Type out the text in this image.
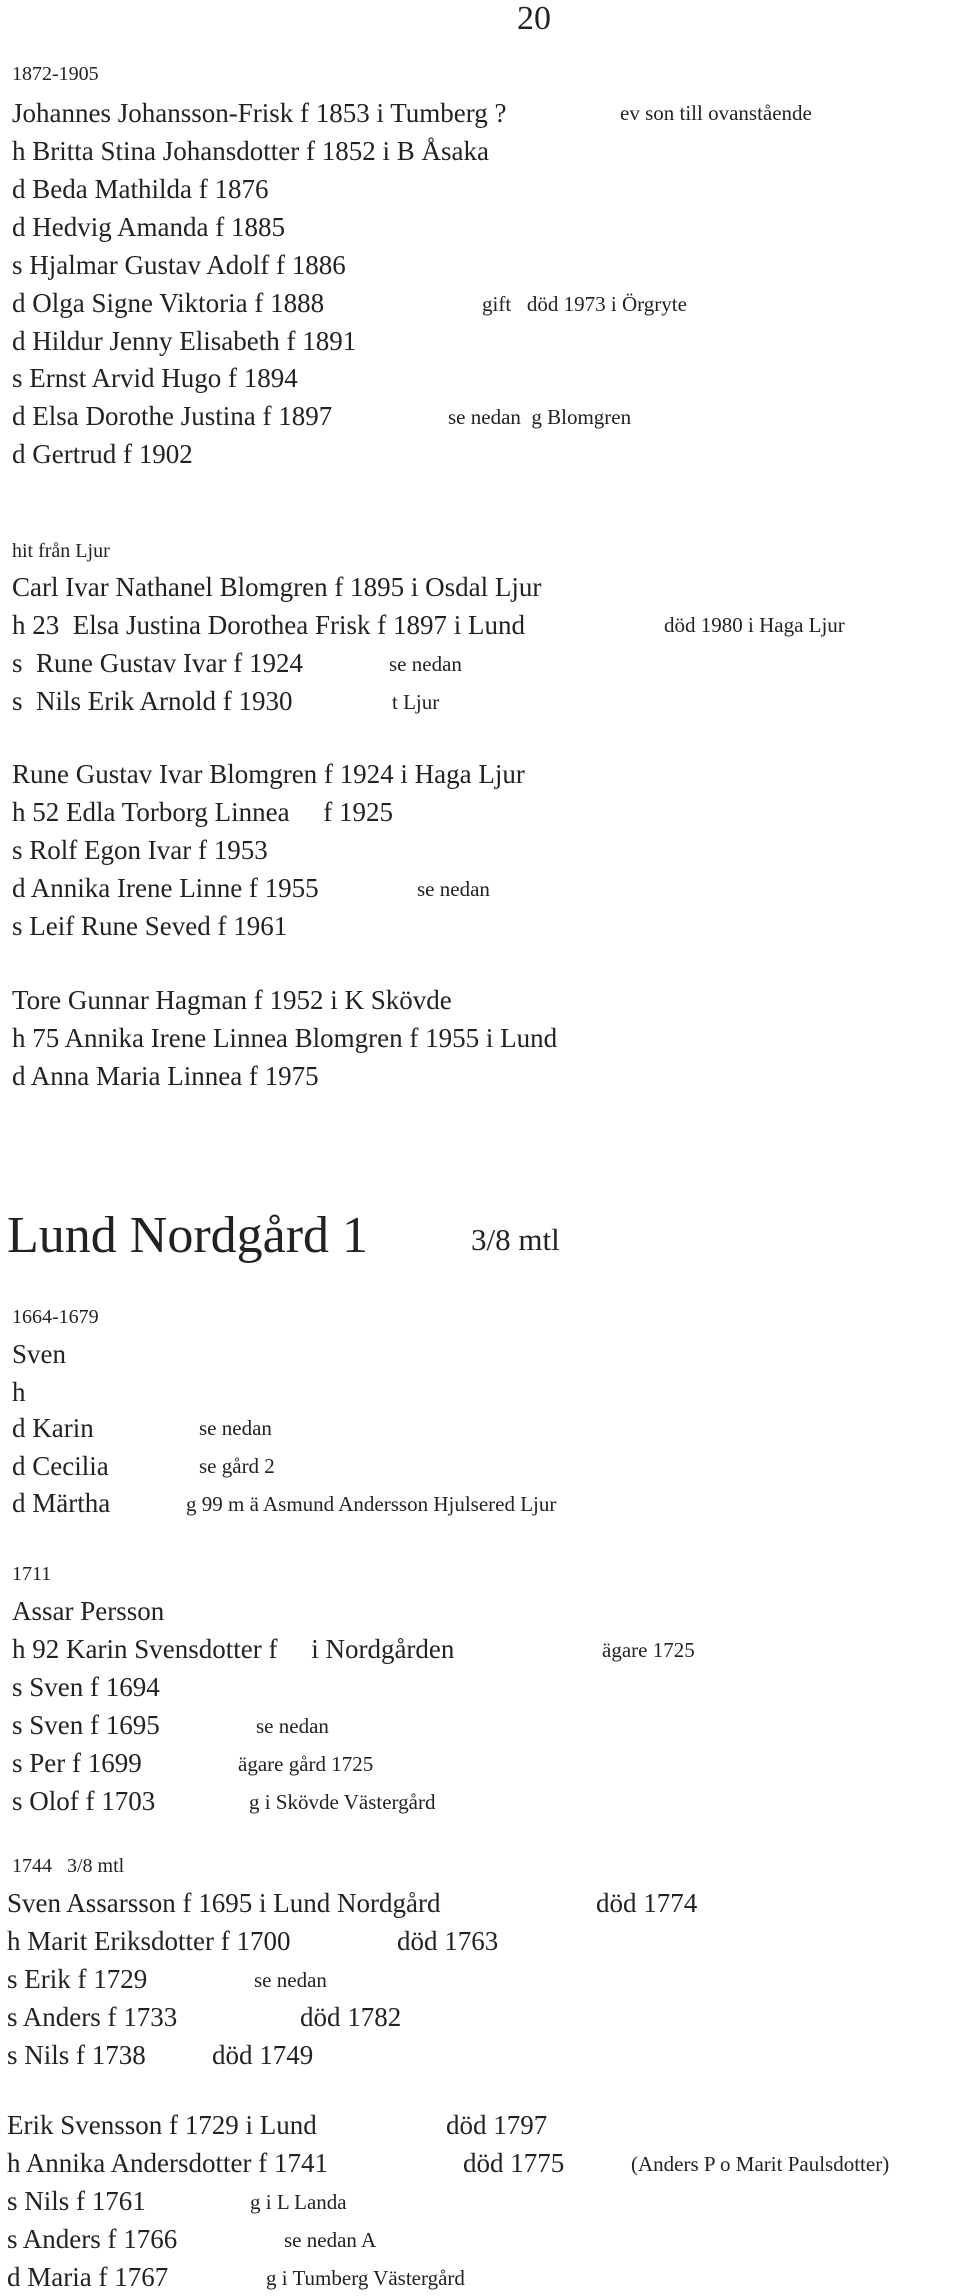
20
1872-1905
Johannes Johansson-Frisk f 1853 i Tumberg ?
h Britta Stina Johansdotter f 1852 i B Åsaka
d Beda Mathilda f 1876
d Hedvig Amanda f 1885
s Hjalmar Gustav Adolf f 1886
d Olga Signe Viktoria f 1888
d Hildur Jenny Elisabeth f 1891
s Ernst Arvid Hugo f 1894
d Elsa Dorothe Justina f 1897
d Gertrud f 1902
ev son till ovanstående
gift   död 1973 i Örgryte
se nedan  g Blomgren
hit från Ljur
Carl Ivar Nathanel Blomgren f 1895 i Osdal Ljur
h 23  Elsa Justina Dorothea Frisk f 1897 i Lund
s  Rune Gustav Ivar f 1924
s  Nils Erik Arnold f 1930
död 1980 i Haga Ljur
se nedan
t Ljur
Rune Gustav Ivar Blomgren f 1924 i Haga Ljur
h 52 Edla Torborg Linnea     f 1925
s Rolf Egon Ivar f 1953
d Annika Irene Linne f 1955
s Leif Rune Seved f 1961
se nedan
Tore Gunnar Hagman f 1952 i K Skövde
h 75 Annika Irene Linnea Blomgren f 1955 i Lund
d Anna Maria Linnea f 1975
Lund Nordgård 1	3/8 mtl
1664-1679
Sven
h
d Karin
d Cecilia
d Märtha
se nedan
se gård 2
g 99 m ä Asmund Andersson Hjulsered Ljur
1711
Assar Persson
h 92 Karin Svensdotter f     i Nordgården
s Sven f 1694
s Sven f 1695
s Per f 1699
s Olof f 1703
ägare 1725
se nedan
ägare gård 1725
g i Skövde Västergård
1744   3/8 mtl
Sven Assarsson f 1695 i Lund Nordgård
h Marit Eriksdotter f 1700
s Erik f 1729
s Anders f 1733
s Nils f 1738
död 1774
död 1763
död 1782
död 1749
se nedan
Erik Svensson f 1729 i Lund
h Annika Andersdotter f 1741
s Nils f 1761
s Anders f 1766
d Maria f 1767
död 1797
död 1775	(Anders P o Marit Paulsdotter)
g i L Landa
se nedan A
g i Tumberg Västergård
